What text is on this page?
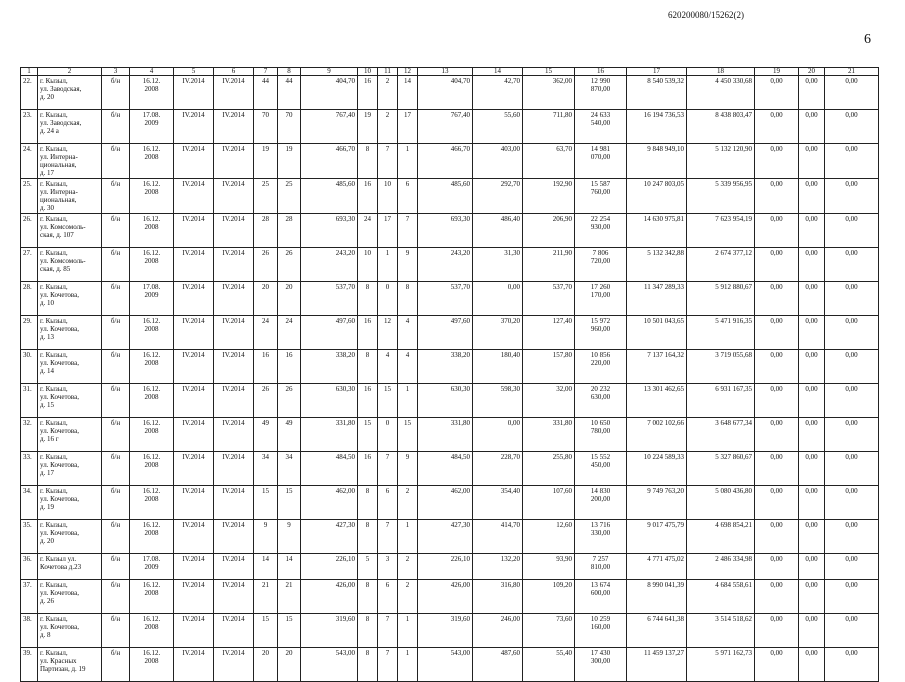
620200080/15262(2)
6
1	2	3	4	5	6	7	8	9	10	11	12	13	14	15	16	17	18	19	20	21
22.	г. Кызыл,
ул. Заводская,
д. 20	б/н	16.12.
2008	IV.2014	IV.2014	44	44	404,70	16	2	14	404,70	42,70	362,00	12 990
870,00	8 540 539,32	4 450 330,68	0,00	0,00	0,00
23.	г. Кызыл,
ул. Заводская,
д. 24 а	б/н	17.08.
2009	IV.2014	IV.2014	70	70	767,40	19	2	17	767,40	55,60	711,80	24 633
540,00	16 194 736,53	8 438 803,47	0,00	0,00	0,00
24.	г. Кызыл,
ул. Интерна-
циональная,
д. 17	б/н	16.12.
2008	IV.2014	IV.2014	19	19	466,70	8	7	1	466,70	403,00	63,70	14 981
070,00	9 848 949,10	5 132 120,90	0,00	0,00	0,00
25.	г. Кызыл,
ул. Интерна-
циональная,
д. 30	б/н	16.12.
2008	IV.2014	IV.2014	25	25	485,60	16	10	6	485,60	292,70	192,90	15 587
760,00	10 247 803,05	5 339 956,95	0,00	0,00	0,00
26.	г. Кызыл,
ул. Комсомоль-
ская, д. 107	б/н	16.12.
2008	IV.2014	IV.2014	28	28	693,30	24	17	7	693,30	486,40	206,90	22 254
930,00	14 630 975,81	7 623 954,19	0,00	0,00	0,00
27.	г. Кызыл,
ул. Комсомоль-
ская, д. 85	б/н	16.12.
2008	IV.2014	IV.2014	26	26	243,20	10	1	9	243,20	31,30	211,90	7 806
720,00	5 132 342,88	2 674 377,12	0,00	0,00	0,00
28.	г. Кызыл,
ул. Кочетова,
д. 10	б/н	17.08.
2009	IV.2014	IV.2014	20	20	537,70	8	0	8	537,70	0,00	537,70	17 260
170,00	11 347 289,33	5 912 880,67	0,00	0,00	0,00
29.	г. Кызыл,
ул. Кочетова,
д. 13	б/н	16.12.
2008	IV.2014	IV.2014	24	24	497,60	16	12	4	497,60	370,20	127,40	15 972
960,00	10 501 043,65	5 471 916,35	0,00	0,00	0,00
30.	г. Кызыл,
ул. Кочетова,
д. 14	б/н	16.12.
2008	IV.2014	IV.2014	16	16	338,20	8	4	4	338,20	180,40	157,80	10 856
220,00	7 137 164,32	3 719 055,68	0,00	0,00	0,00
31.	г. Кызыл,
ул. Кочетова,
д. 15	б/н	16.12.
2008	IV.2014	IV.2014	26	26	630,30	16	15	1	630,30	598,30	32,00	20 232
630,00	13 301 462,65	6 931 167,35	0,00	0,00	0,00
32.	г. Кызыл,
ул. Кочетова,
д. 16 г	б/н	16.12.
2008	IV.2014	IV.2014	49	49	331,80	15	0	15	331,80	0,00	331,80	10 650
780,00	7 002 102,66	3 648 677,34	0,00	0,00	0,00
33.	г. Кызыл,
ул. Кочетова,
д. 17	б/н	16.12.
2008	IV.2014	IV.2014	34	34	484,50	16	7	9	484,50	228,70	255,80	15 552
450,00	10 224 589,33	5 327 860,67	0,00	0,00	0,00
34.	г. Кызыл,
ул. Кочетова,
д. 19	б/н	16.12.
2008	IV.2014	IV.2014	15	15	462,00	8	6	2	462,00	354,40	107,60	14 830
200,00	9 749 763,20	5 080 436,80	0,00	0,00	0,00
35.	г. Кызыл,
ул. Кочетова,
д. 20	б/н	16.12.
2008	IV.2014	IV.2014	9	9	427,30	8	7	1	427,30	414,70	12,60	13 716
330,00	9 017 475,79	4 698 854,21	0,00	0,00	0,00
36.	г. Кызыл ул.
Кочетова д.23	б/н	17.08.
2009	IV.2014	IV.2014	14	14	226,10	5	3	2	226,10	132,20	93,90	7 257
810,00	4 771 475,02	2 486 334,98	0,00	0,00	0,00
37.	г. Кызыл,
ул. Кочетова,
д. 26	б/н	16.12.
2008	IV.2014	IV.2014	21	21	426,00	8	6	2	426,00	316,80	109,20	13 674
600,00	8 990 041,39	4 684 558,61	0,00	0,00	0,00
38.	г. Кызыл,
ул. Кочетова,
д. 8	б/н	16.12.
2008	IV.2014	IV.2014	15	15	319,60	8	7	1	319,60	246,00	73,60	10 259
160,00	6 744 641,38	3 514 518,62	0,00	0,00	0,00
39.	г. Кызыл,
ул. Красных
Партизан, д. 19	б/н	16.12.
2008	IV.2014	IV.2014	20	20	543,00	8	7	1	543,00	487,60	55,40	17 430
300,00	11 459 137,27	5 971 162,73	0,00	0,00	0,00
